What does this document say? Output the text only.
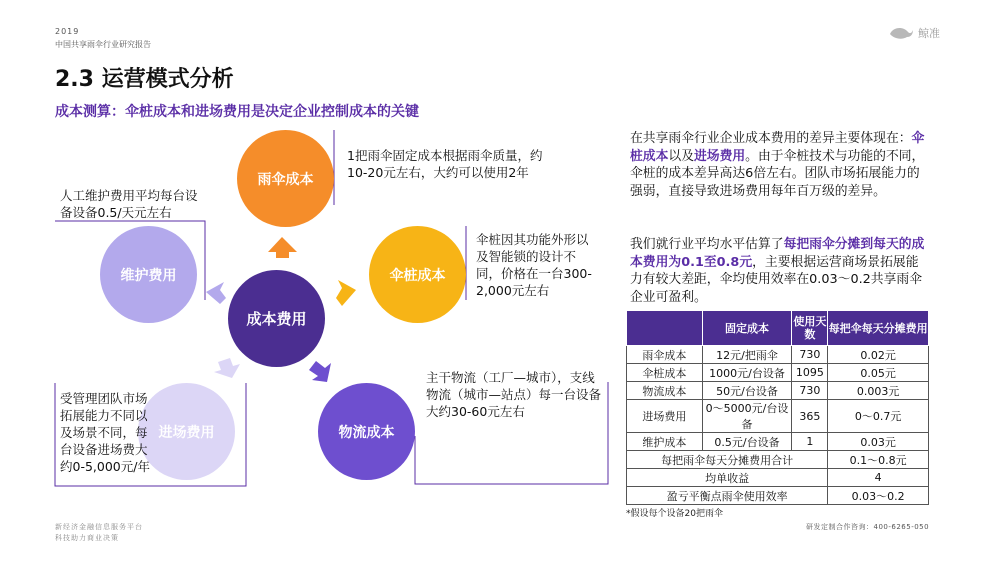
2019
中国共享雨伞行业研究报告
鲸准
2.3 运营模式分析
成本测算：伞桩成本和进场费用是决定企业控制成本的关键
雨伞成本
伞桩成本
物流成本
进场费用
维护费用
成本费用
1把雨伞固定成本根据雨伞质量，约10-20元左右，大约可以使用2年
伞桩因其功能外形以及智能锁的设计不同，价格在一台300-2,000元左右
主干物流（工厂—城市），支线物流（城市—站点）每一台设备大约30-60元左右
受管理团队市场拓展能力不同以及场景不同，每台设备进场费大约0-5,000元/年
人工维护费用平均每台设备设备0.5/天元左右
在共享雨伞行业企业成本费用的差异主要体现在：伞桩成本以及进场费用。由于伞桩技术与功能的不同，伞桩的成本差异高达6倍左右。团队市场拓展能力的强弱，直接导致进场费用每年百万级的差异。
我们就行业平均水平估算了每把雨伞分摊到每天的成本费用为0.1至0.8元，主要根据运营商场景拓展能力有较大差距，伞均使用效率在0.03～0.2共享雨伞企业可盈利。
	固定成本	使用天数	每把伞每天分摊费用
雨伞成本	12元/把雨伞	730	0.02元
伞桩成本	1000元/台设备	1095	0.05元
物流成本	50元/台设备	730	0.003元
进场费用	0～5000元/台设备	365	0～0.7元
维护成本	0.5元/台设备	1	0.03元
每把雨伞每天分摊费用合计			0.1～0.8元
均单收益			4
盈亏平衡点雨伞使用效率			0.03～0.2
*假设每个设备20把雨伞
新经济金融信息服务平台
科技助力商业决策
研发定制合作咨询：400-6265-050
